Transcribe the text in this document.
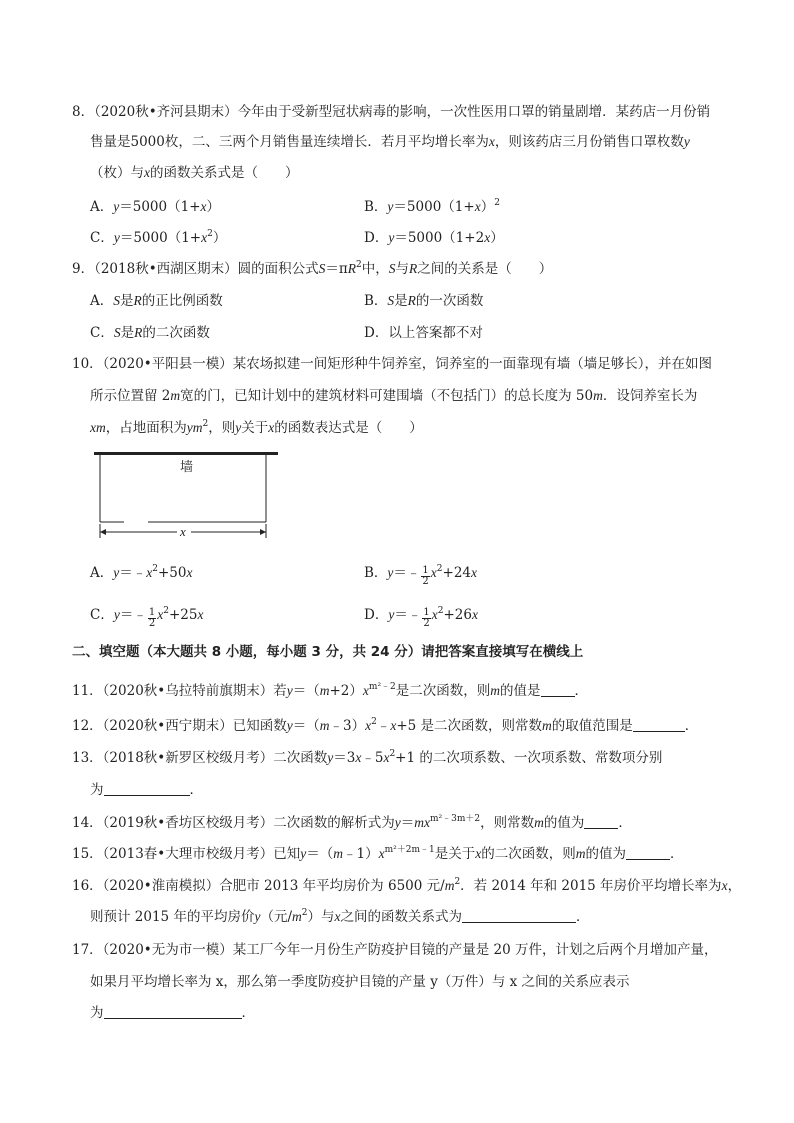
8．（2020秋•齐河县期末）今年由于受新型冠状病毒的影响，一次性医用口罩的销量剧增．某药店一月份销
售量是5000枚，二、三两个月销售量连续增长．若月平均增长率为x，则该药店三月份销售口罩枚数y
（枚）与x的函数关系式是（　　）
A．y＝5000（1+x）	B．$y=5000(1+x)^2$
C．$y=5000(1+x^2)$	D．y＝5000（1+2x）
9．（2018秋•西湖区期末）圆的面积公式$S=\pi R^2$中，S与R之间的关系是（　　）
A．S是R的正比例函数	B．S是R的一次函数
C．S是R的二次函数	D．以上答案都不对
10．（2020•平阳县一模）某农场拟建一间矩形种牛饲养室，饲养室的一面靠现有墙（墙足够长），并在如图
所示位置留 2m宽的门，已知计划中的建筑材料可建围墙（不包括门）的总长度为 50m．设饲养室长为
xm，占地面积为$ym^2$，则y关于x的函数表达式是（　　）
墙
x
A．$y=﹣x^2+50x$	B．y＝﹣ $\frac{1}{2} x^2+24x$
C．y＝﹣ $\frac{1}{2} x^2+25x$	D．y＝﹣ $\frac{1}{2} x^2+26x$
二、填空题（本大题共 8 小题，每小题 3 分，共 24 分）请把答案直接填写在横线上
11．（2020秋•乌拉特前旗期末）若$y=(m+2)x^{m^2﹣2}$是二次函数，则m的值是	．
12．（2020秋•西宁期末）已知函数$y=(m﹣3)x^2﹣x+5$ 是二次函数，则常数m的取值范围是	．
13．（2018秋•新罗区校级月考）二次函数$y=3x﹣5x^2+1$ 的二次项系数、一次项系数、常数项分别
为	．
14．（2019秋•香坊区校级月考）二次函数的解析式为$y=mx^{m^2﹣3m+2}$，则常数m的值为	．
15．（2013春•大理市校级月考）已知$y=(m﹣1)x^{m^2+2m﹣1}$是关于x的二次函数，则m的值为	．
16．（2020•淮南模拟）合肥市 2013 年平均房价为 6500 元$/m^2$．若 2014 年和 2015 年房价平均增长率为x，
则预计 2015 年的平均房价y（元$/m^2$）与x之间的函数关系式为	．
17．（2020•无为市一模）某工厂今年一月份生产防疫护目镜的产量是 20 万件，计划之后两个月增加产量，
如果月平均增长率为 x，那么第一季度防疫护目镜的产量 y（万件）与 x 之间的关系应表示
为	．
